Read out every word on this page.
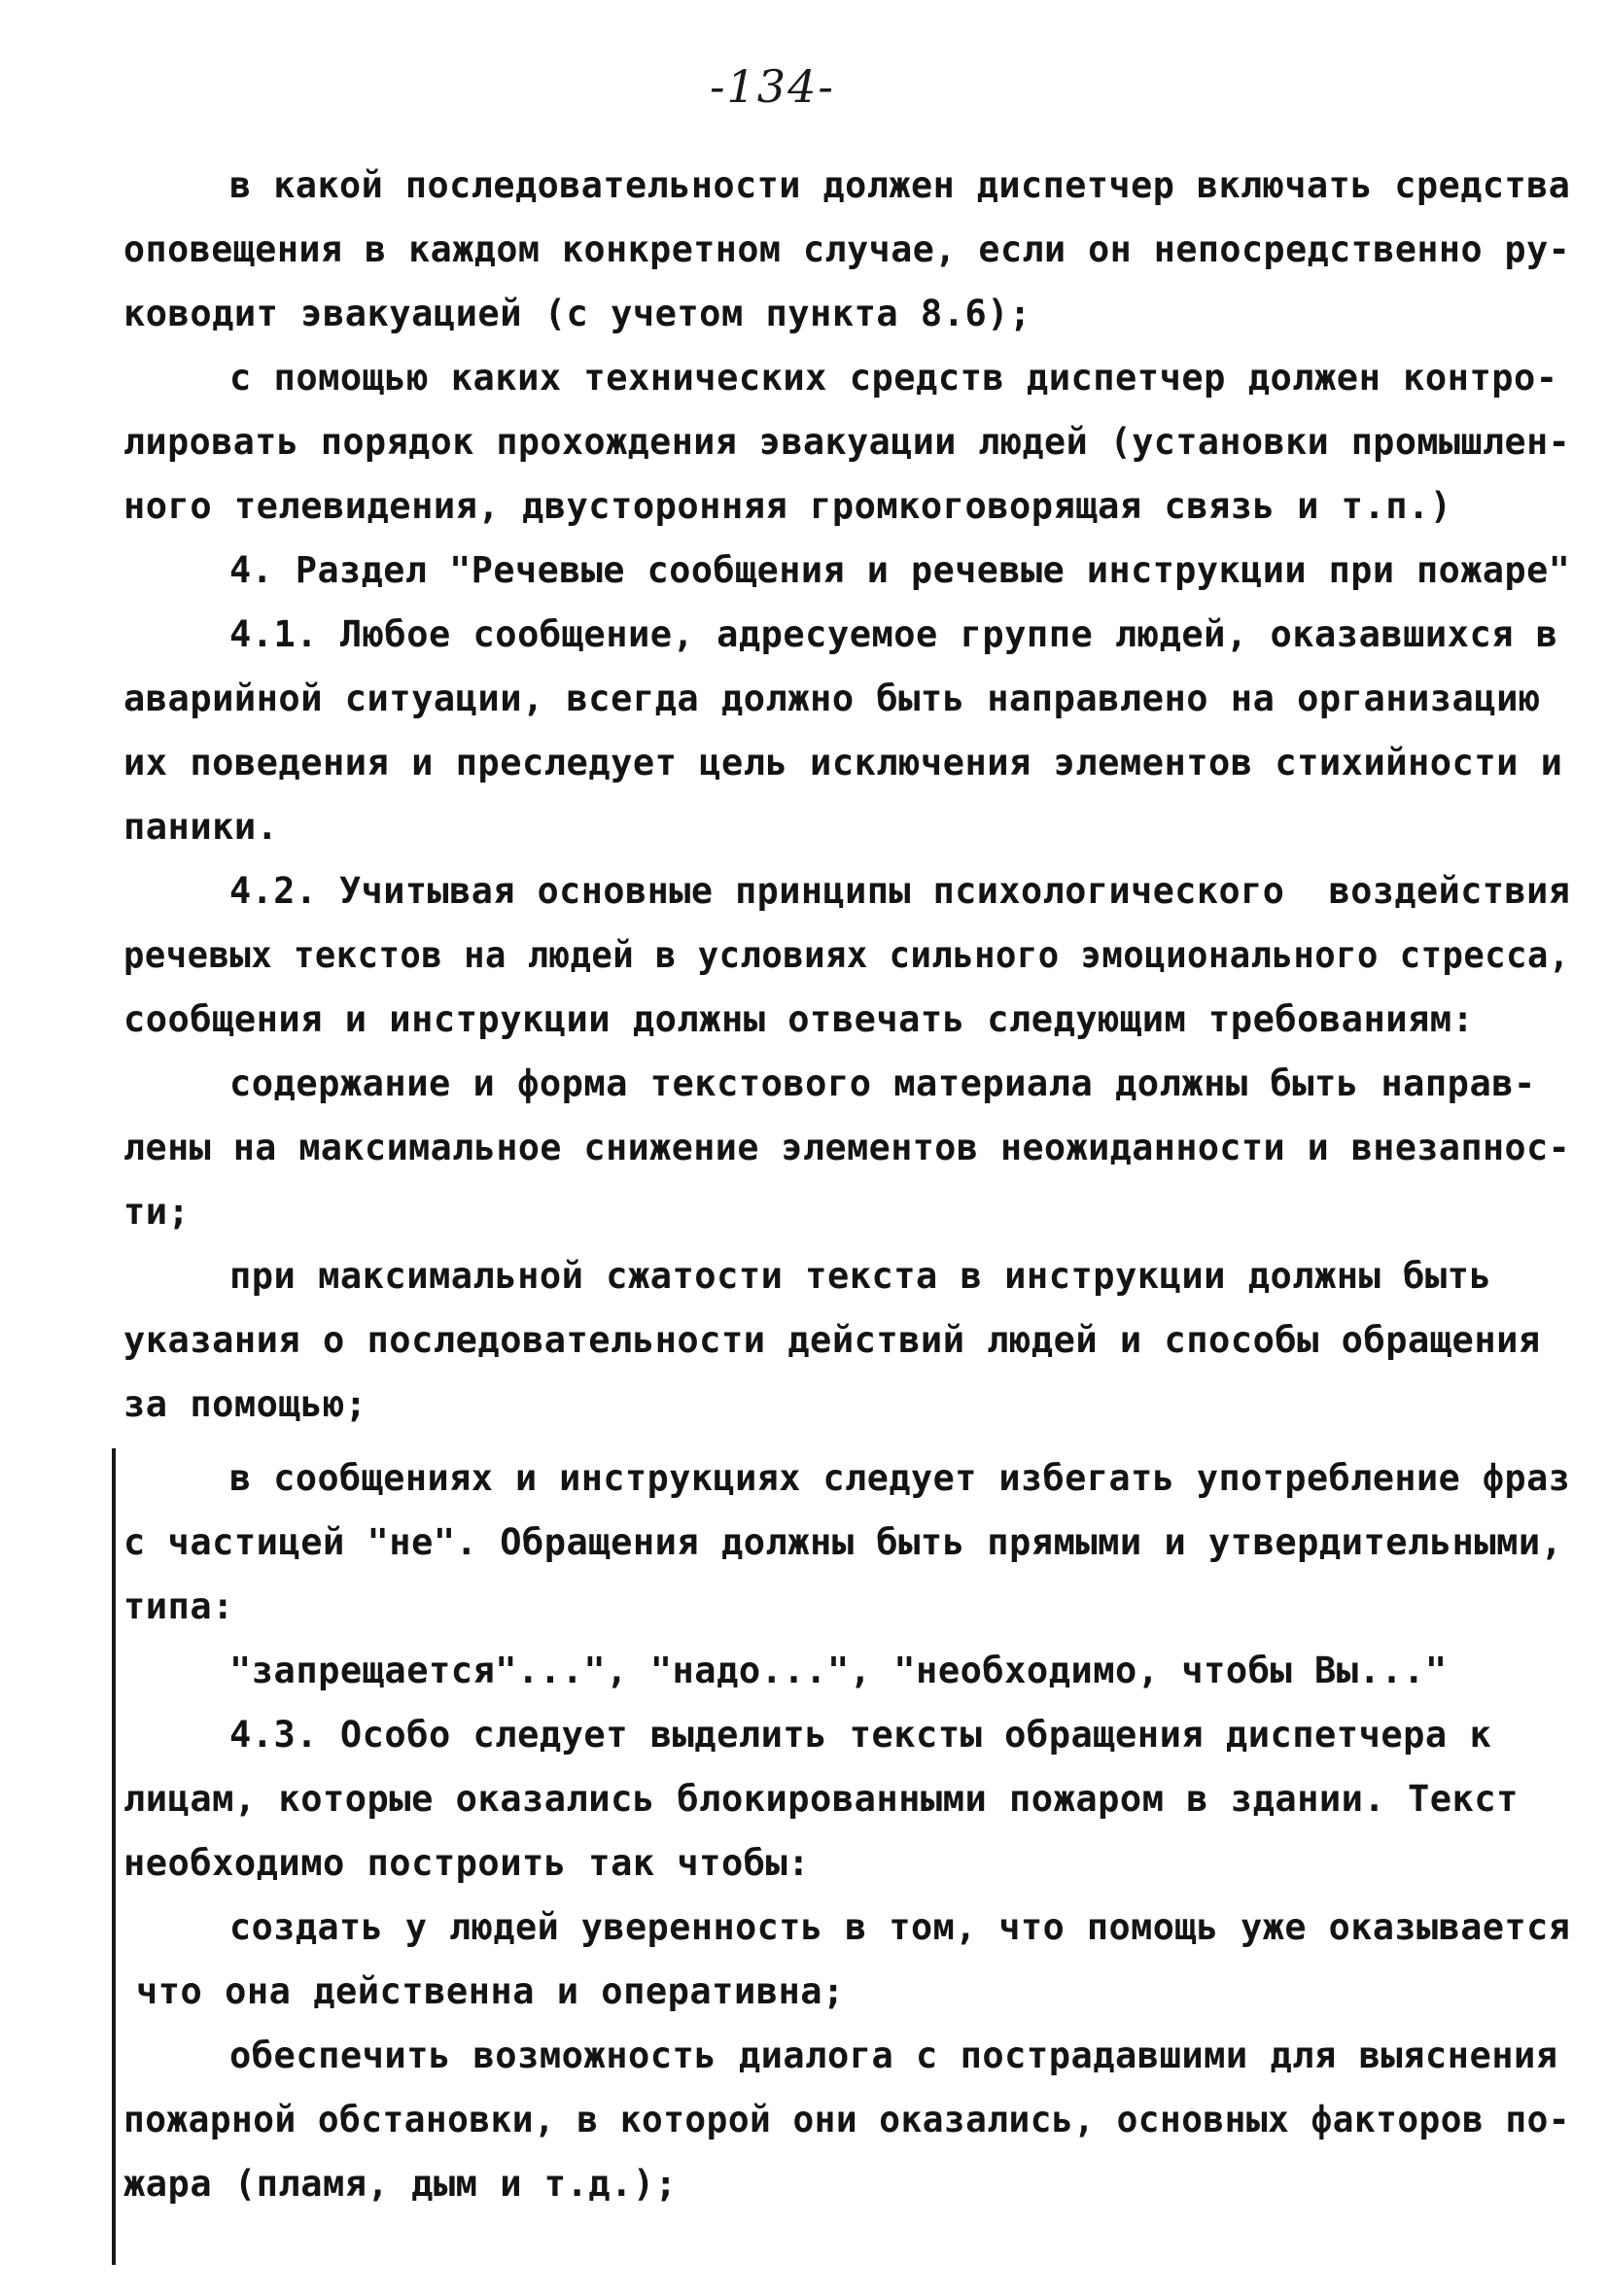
-134-
в какой последовательности должен диспетчер включать средства
оповещения в каждом конкретном случае, если он непосредственно ру-
ководит эвакуацией (с учетом пункта 8.6);
с помощью каких технических средств диспетчер должен контро-
лировать порядок прохождения эвакуации людей (установки промышлен-
ного телевидения, двусторонняя громкоговорящая связь и т.п.)
4. Раздел "Речевые сообщения и речевые инструкции при пожаре"
4.1. Любое сообщение, адресуемое группе людей, оказавшихся в
аварийной ситуации, всегда должно быть направлено на организацию
их поведения и преследует цель исключения элементов стихийности и
паники.
4.2. Учитывая основные принципы психологического  воздействия
речевых текстов на людей в условиях сильного эмоционального стресса,
сообщения и инструкции должны отвечать следующим требованиям:
содержание и форма текстового материала должны быть направ-
лены на максимальное снижение элементов неожиданности и внезапнос-
ти;
при максимальной сжатости текста в инструкции должны быть
указания о последовательности действий людей и способы обращения
за помощью;
в сообщениях и инструкциях следует избегать употребление фраз
с частицей "не". Обращения должны быть прямыми и утвердительными,
типа:
"запрещается"...", "надо...", "необходимо, чтобы Вы..."
4.3. Особо следует выделить тексты обращения диспетчера к
лицам, которые оказались блокированными пожаром в здании. Текст
необходимо построить так чтобы:
создать у людей уверенность в том, что помощь уже оказывается
что она действенна и оперативна;
обеспечить возможность диалога с пострадавшими для выяснения
пожарной обстановки, в которой они оказались, основных факторов по-
жара (пламя, дым и т.д.);
